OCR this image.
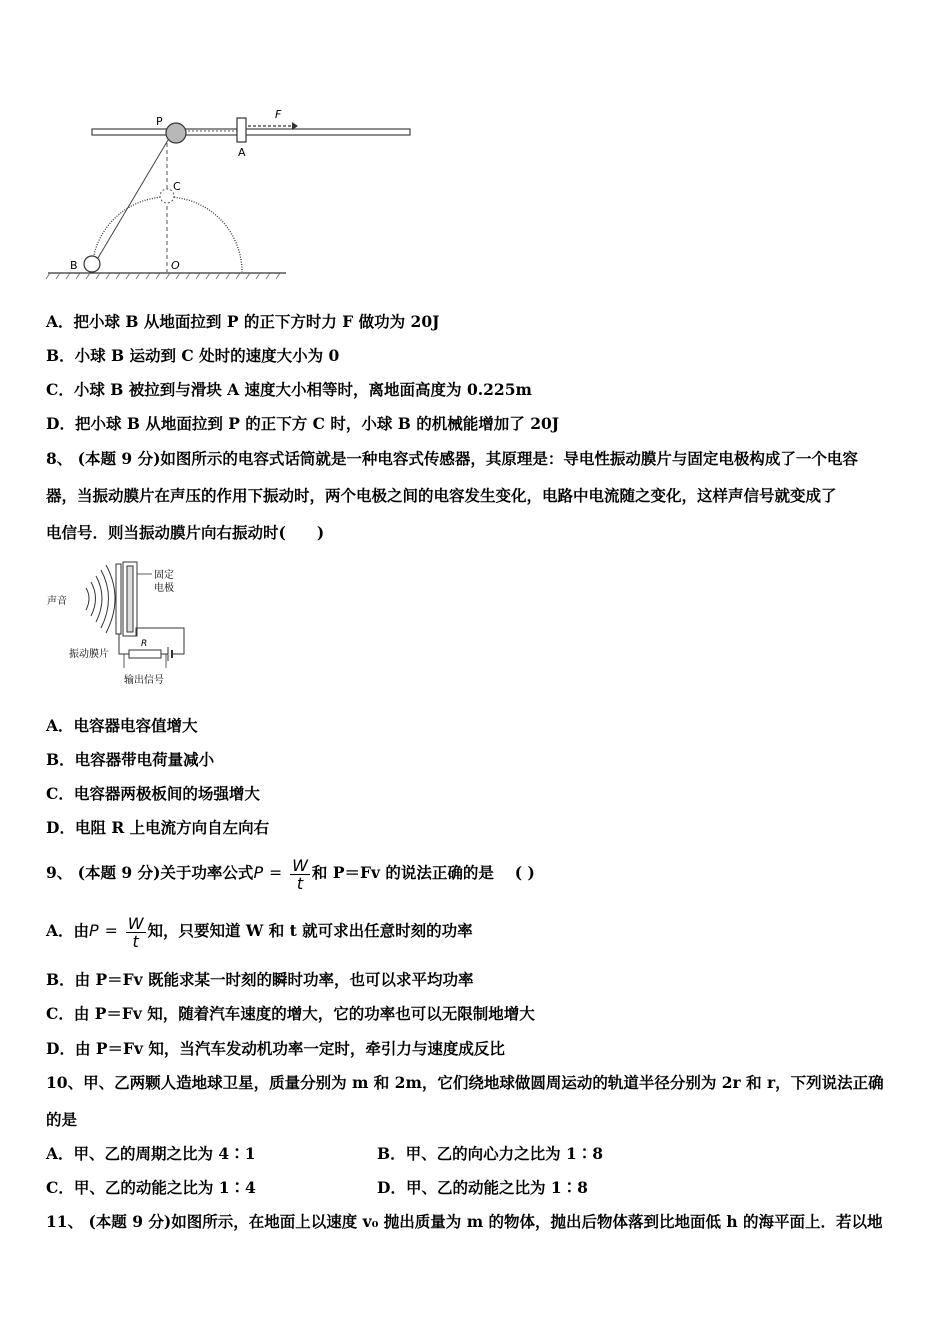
P
A
F
C
B	O
A．把小球 B 从地面拉到 P 的正下方时力 F 做功为 20J
B．小球 B 运动到 C 处时的速度大小为 0
C．小球 B 被拉到与滑块 A 速度大小相等时，离地面高度为 0.225m
D．把小球 B 从地面拉到 P 的正下方 C 时，小球 B 的机械能增加了 20J
8、 (本题 9 分)如图所示的电容式话筒就是一种电容式传感器，其原理是：导电性振动膜片与固定电极构成了一个电容
器，当振动膜片在声压的作用下振动时，两个电极之间的电容发生变化，电路中电流随之变化，这样声信号就变成了
电信号．则当振动膜片向右振动时(　　)
声音
固定
电极
R
振动膜片
输出信号
A．电容器电容值增大
B．电容器带电荷量减小
C．电容器两极板间的场强增大
D．电阻 R 上电流方向自左向右
9、 (本题 9 分)关于功率公式$P = \frac{W}{t}$ 和 P＝Fv 的说法正确的是　 ( )
A．由$P = \frac{W}{t}$ 知，只要知道 W 和 t 就可求出任意时刻的功率
B．由 P＝Fv 既能求某一时刻的瞬时功率，也可以求平均功率
C．由 P＝Fv 知，随着汽车速度的增大，它的功率也可以无限制地增大
D．由 P＝Fv 知，当汽车发动机功率一定时，牵引力与速度成反比
10、甲、乙两颗人造地球卫星，质量分别为 m 和 2m，它们绕地球做圆周运动的轨道半径分别为 2r 和 r，下列说法正确
的是
A．甲、乙的周期之比为 4∶1	B．甲、乙的向心力之比为 1∶8
C．甲、乙的动能之比为 1∶4	D．甲、乙的动能之比为 1∶8
11、 (本题 9 分)如图所示，在地面上以速度 v₀ 抛出质量为 m 的物体，抛出后物体落到比地面低 h 的海平面上．若以地
